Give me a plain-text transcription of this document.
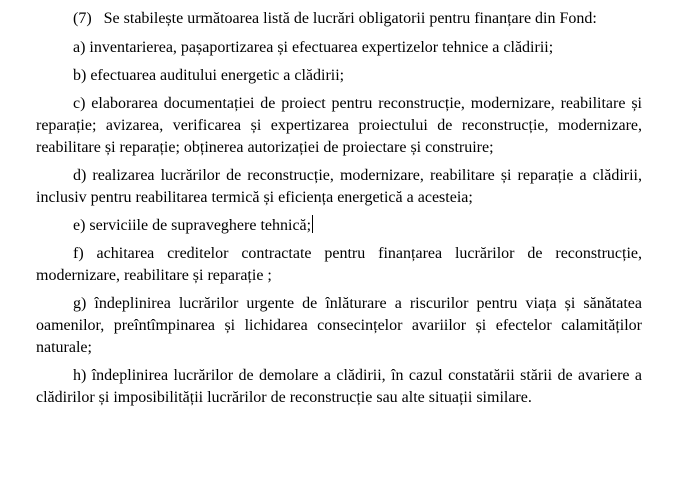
(7)   Se stabilește următoarea listă de lucrări obligatorii pentru finanțare din Fond:

a) inventarierea, pașaportizarea și efectuarea expertizelor tehnice a clădirii;

b) efectuarea auditului energetic a clădirii;

c) elaborarea documentației de proiect pentru reconstrucție, modernizare, reabilitare și reparație; avizarea, verificarea și expertizarea proiectului de reconstrucție, modernizare, reabilitare și reparație; obținerea autorizației de proiectare și construire;

d) realizarea lucrărilor de reconstrucție, modernizare, reabilitare și reparație a clădirii, inclusiv pentru reabilitarea termică și eficiența energetică a acesteia;

e) serviciile de supraveghere tehnică;

f) achitarea creditelor contractate pentru finanțarea lucrărilor de reconstrucție, modernizare, reabilitare și reparație ;

g) îndeplinirea lucrărilor urgente de înlăturare a riscurilor pentru viața și sănătatea oamenilor, preîntîmpinarea și lichidarea consecințelor avariilor și efectelor calamităților naturale;

h) îndeplinirea lucrărilor de demolare a clădirii, în cazul constatării stării de avariere a clădirilor și imposibilității lucrărilor de reconstrucție sau alte situații similare.
